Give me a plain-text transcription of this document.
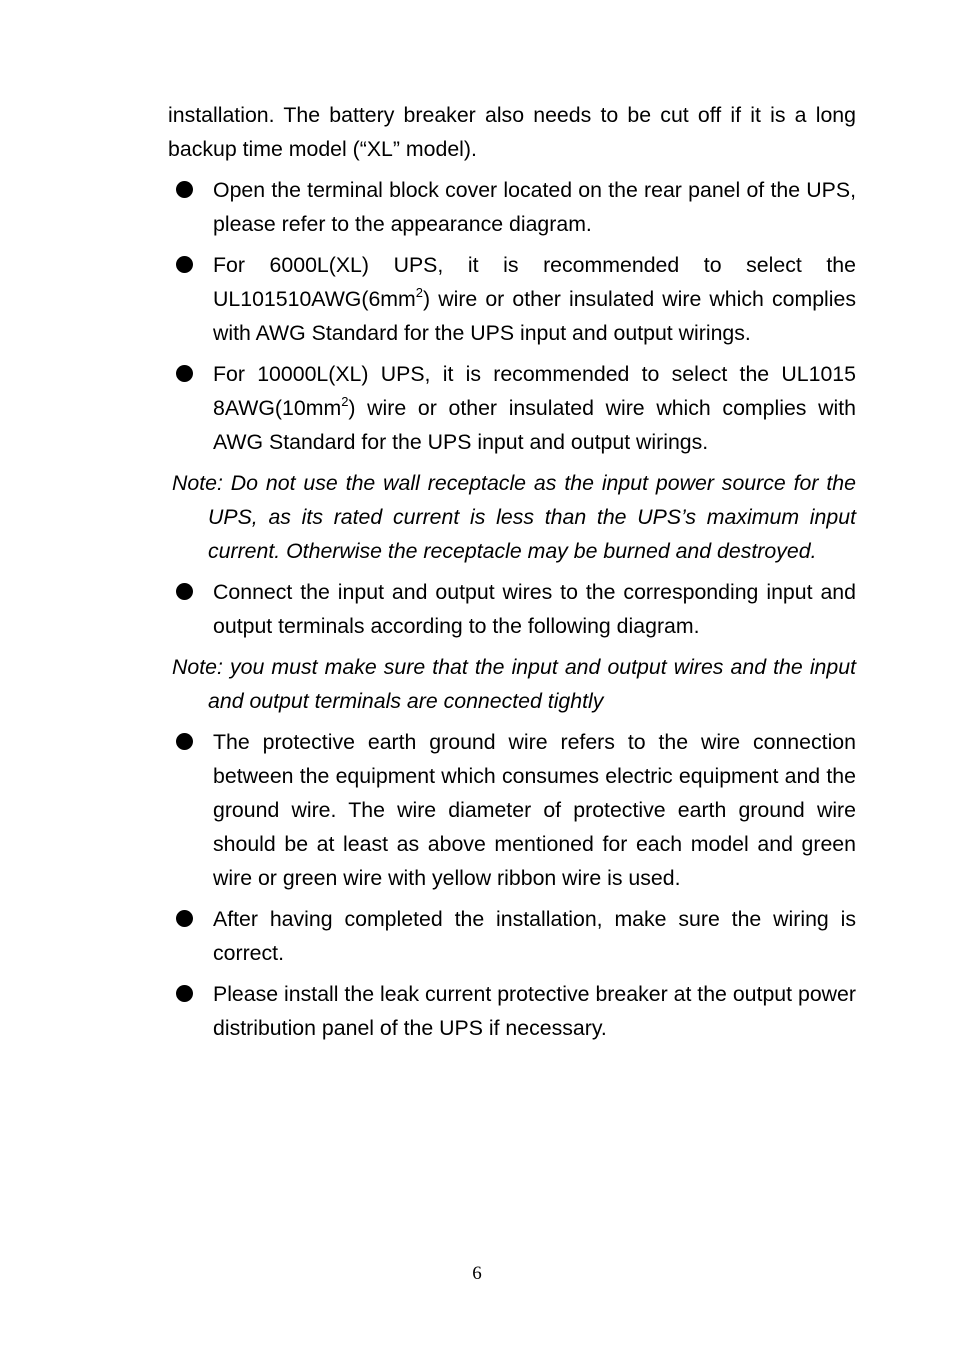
installation. The battery breaker also needs to be cut off if it is a long backup time model (“XL” model).

Open the terminal block cover located on the rear panel of the UPS, please refer to the appearance diagram.

For 6000L(XL) UPS, it is recommended to select the $UL101510AWG(6mm^2)$ wire or other insulated wire which complies with AWG Standard for the UPS input and output wirings.

For 10000L(XL) UPS, it is recommended to select the UL1015 $8AWG(10mm^2)$ wire or other insulated wire which complies with AWG Standard for the UPS input and output wirings.

Note: Do not use the wall receptacle as the input power source for the UPS, as its rated current is less than the UPS’s maximum input current. Otherwise the receptacle may be burned and destroyed.

Connect the input and output wires to the corresponding input and output terminals according to the following diagram.

Note: you must make sure that the input and output wires and the input and output terminals are connected tightly

The protective earth ground wire refers to the wire connection between the equipment which consumes electric equipment and the ground wire. The wire diameter of protective earth ground wire should be at least as above mentioned for each model and green wire or green wire with yellow ribbon wire is used.

After having completed the installation, make sure the wiring is correct.

Please install the leak current protective breaker at the output power distribution panel of the UPS if necessary.

6
